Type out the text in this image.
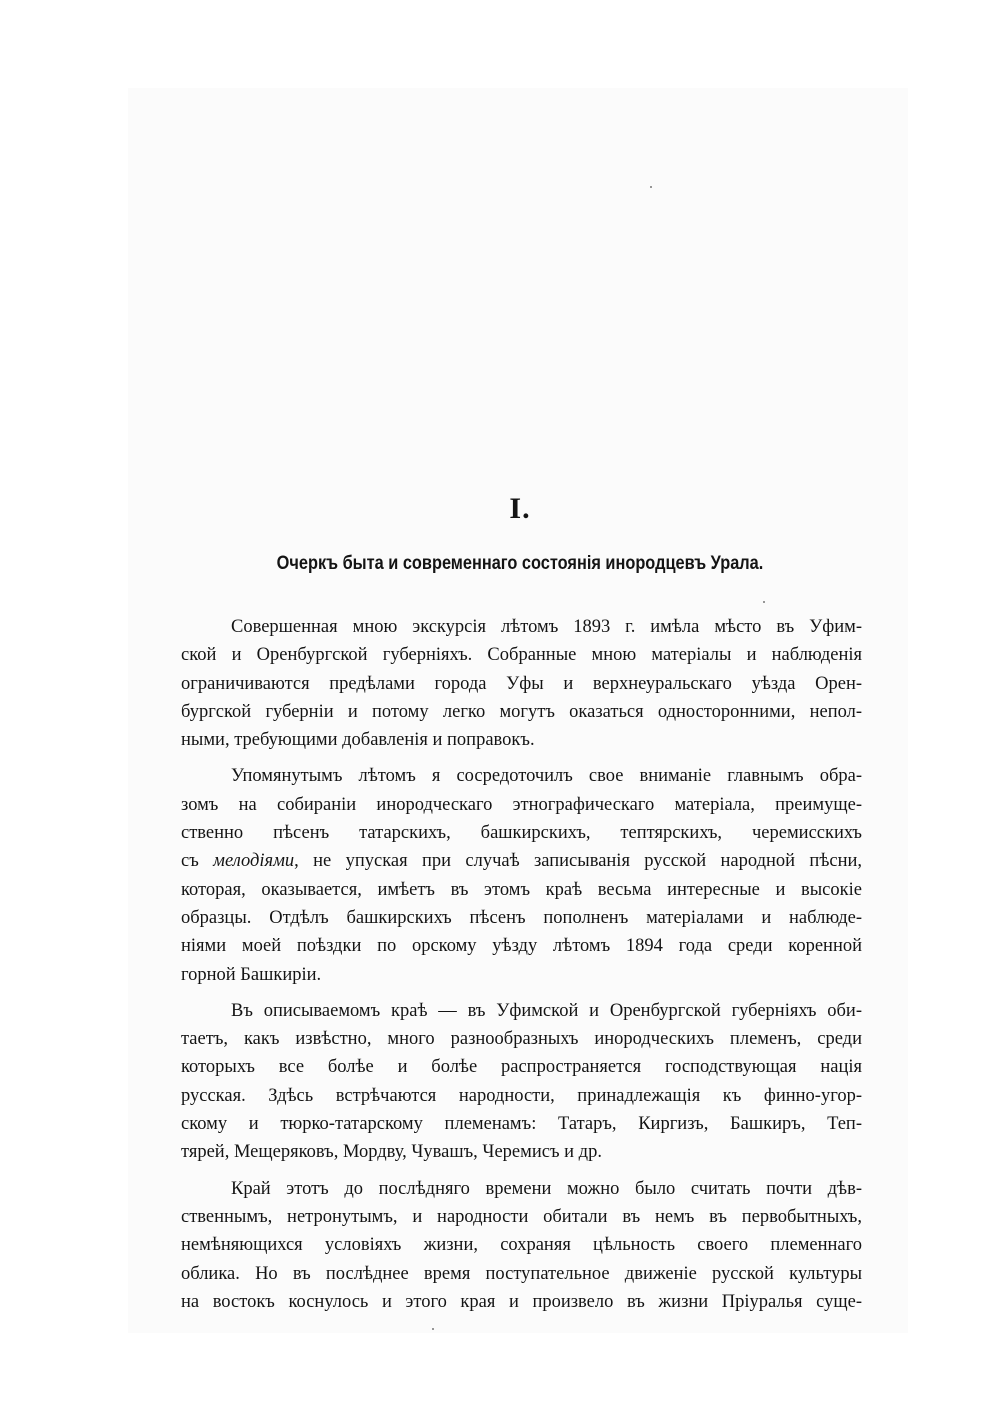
I.
Очеркъ быта и современнаго состоянія инородцевъ Урала.
Совершенная мною экскурсія лѣтомъ 1893 г. имѣла мѣсто въ Уфим-
ской и Оренбургской губерніяхъ. Собранные мною матеріалы и наблюденія
ограничиваются предѣлами города Уфы и верхнеуральскаго уѣзда Орен-
бургской губерніи и потому легко могутъ оказаться односторонними, непол-
ными, требующими добавленія и поправокъ.
Упомянутымъ лѣтомъ я сосредоточилъ свое вниманіе главнымъ обра-
зомъ на собираніи инородческаго этнографическаго матеріала, преимуще-
ственно пѣсенъ татарскихъ, башкирскихъ, тептярскихъ, черемисскихъ
съ мелодіями, не упуская при случаѣ записыванія русской народной пѣсни,
которая, оказывается, имѣетъ въ этомъ краѣ весьма интересные и высокіе
образцы. Отдѣлъ башкирскихъ пѣсенъ пополненъ матеріалами и наблюде-
ніями моей поѣздки по орскому уѣзду лѣтомъ 1894 года среди коренной
горной Башкиріи.
Въ описываемомъ краѣ — въ Уфимской и Оренбургской губерніяхъ оби-
таетъ, какъ извѣстно, много разнообразныхъ инородческихъ племенъ, среди
которыхъ все болѣе и болѣе распространяется господствующая нація
русская. Здѣсь встрѣчаются народности, принадлежащія къ финно-угор-
скому и тюрко-татарскому племенамъ: Татаръ, Киргизъ, Башкиръ, Теп-
тярей, Мещеряковъ, Мордву, Чувашъ, Черемисъ и др.
Край этотъ до послѣдняго времени можно было считать почти дѣв-
ственнымъ, нетронутымъ, и народности обитали въ немъ въ первобытныхъ,
немѣняющихся условіяхъ жизни, сохраняя цѣльность своего племеннаго
облика. Но въ послѣднее время поступательное движеніе русской культуры
на востокъ коснулось и этого края и произвело въ жизни Пріуралья суще-
